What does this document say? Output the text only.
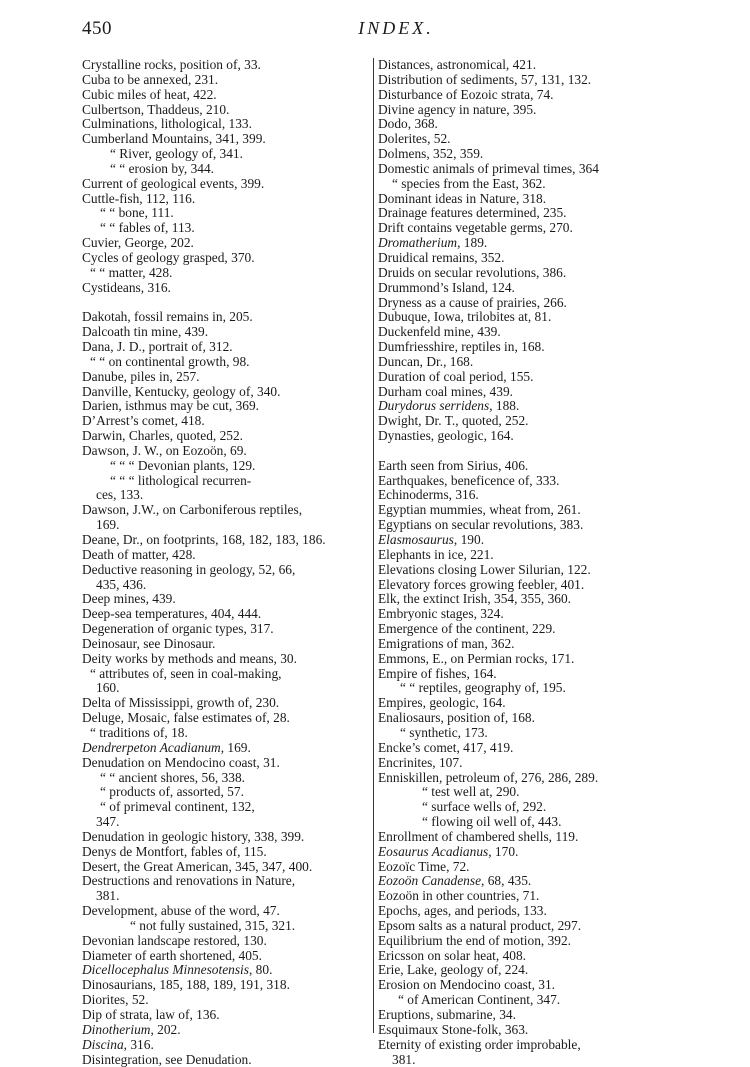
450	INDEX.
Crystalline rocks, position of, 33.
Cuba to be annexed, 231.
Cubic miles of heat, 422.
Culbertson, Thaddeus, 210.
Culminations, lithological, 133.
Cumberland Mountains, 341, 399.
“ River, geology of, 341.
“ “ erosion by, 344.
Current of geological events, 399.
Cuttle-fish, 112, 116.
“ “ bone, 111.
“ “ fables of, 113.
Cuvier, George, 202.
Cycles of geology grasped, 370.
“ “ matter, 428.
Cystideans, 316.
Dakotah, fossil remains in, 205.
Dalcoath tin mine, 439.
Dana, J. D., portrait of, 312.
“ “ on continental growth, 98.
Danube, piles in, 257.
Danville, Kentucky, geology of, 340.
Darien, isthmus may be cut, 369.
D’Arrest’s comet, 418.
Darwin, Charles, quoted, 252.
Dawson, J. W., on Eozoön, 69.
“ “ “ Devonian plants, 129.
“ “ “ lithological recurren-
ces, 133.
Dawson, J.W., on Carboniferous reptiles,
169.
Deane, Dr., on footprints, 168, 182, 183, 186.
Death of matter, 428.
Deductive reasoning in geology, 52, 66,
435, 436.
Deep mines, 439.
Deep-sea temperatures, 404, 444.
Degeneration of organic types, 317.
Deinosaur, see Dinosaur.
Deity works by methods and means, 30.
“ attributes of, seen in coal-making,
160.
Delta of Mississippi, growth of, 230.
Deluge, Mosaic, false estimates of, 28.
“ traditions of, 18.
Dendrerpeton Acadianum, 169.
Denudation on Mendocino coast, 31.
“ “ ancient shores, 56, 338.
“ products of, assorted, 57.
“ of primeval continent, 132,
347.
Denudation in geologic history, 338, 399.
Denys de Montfort, fables of, 115.
Desert, the Great American, 345, 347, 400.
Destructions and renovations in Nature,
381.
Development, abuse of the word, 47.
“ not fully sustained, 315, 321.
Devonian landscape restored, 130.
Diameter of earth shortened, 405.
Dicellocephalus Minnesotensis, 80.
Dinosaurians, 185, 188, 189, 191, 318.
Diorites, 52.
Dip of strata, law of, 136.
Dinotherium, 202.
Discina, 316.
Disintegration, see Denudation.
Distances, astronomical, 421.
Distribution of sediments, 57, 131, 132.
Disturbance of Eozoic strata, 74.
Divine agency in nature, 395.
Dodo, 368.
Dolerites, 52.
Dolmens, 352, 359.
Domestic animals of primeval times, 364
“ species from the East, 362.
Dominant ideas in Nature, 318.
Drainage features determined, 235.
Drift contains vegetable germs, 270.
Dromatherium, 189.
Druidical remains, 352.
Druids on secular revolutions, 386.
Drummond’s Island, 124.
Dryness as a cause of prairies, 266.
Dubuque, Iowa, trilobites at, 81.
Duckenfeld mine, 439.
Dumfriesshire, reptiles in, 168.
Duncan, Dr., 168.
Duration of coal period, 155.
Durham coal mines, 439.
Durydorus serridens, 188.
Dwight, Dr. T., quoted, 252.
Dynasties, geologic, 164.
Earth seen from Sirius, 406.
Earthquakes, beneficence of, 333.
Echinoderms, 316.
Egyptian mummies, wheat from, 261.
Egyptians on secular revolutions, 383.
Elasmosaurus, 190.
Elephants in ice, 221.
Elevations closing Lower Silurian, 122.
Elevatory forces growing feebler, 401.
Elk, the extinct Irish, 354, 355, 360.
Embryonic stages, 324.
Emergence of the continent, 229.
Emigrations of man, 362.
Emmons, E., on Permian rocks, 171.
Empire of fishes, 164.
“ “ reptiles, geography of, 195.
Empires, geologic, 164.
Enaliosaurs, position of, 168.
“ synthetic, 173.
Encke’s comet, 417, 419.
Encrinites, 107.
Enniskillen, petroleum of, 276, 286, 289.
“ test well at, 290.
“ surface wells of, 292.
“ flowing oil well of, 443.
Enrollment of chambered shells, 119.
Eosaurus Acadianus, 170.
Eozoïc Time, 72.
Eozoön Canadense, 68, 435.
Eozoön in other countries, 71.
Epochs, ages, and periods, 133.
Epsom salts as a natural product, 297.
Equilibrium the end of motion, 392.
Ericsson on solar heat, 408.
Erie, Lake, geology of, 224.
Erosion on Mendocino coast, 31.
“ of American Continent, 347.
Eruptions, submarine, 34.
Esquimaux Stone-folk, 363.
Eternity of existing order improbable,
381.
